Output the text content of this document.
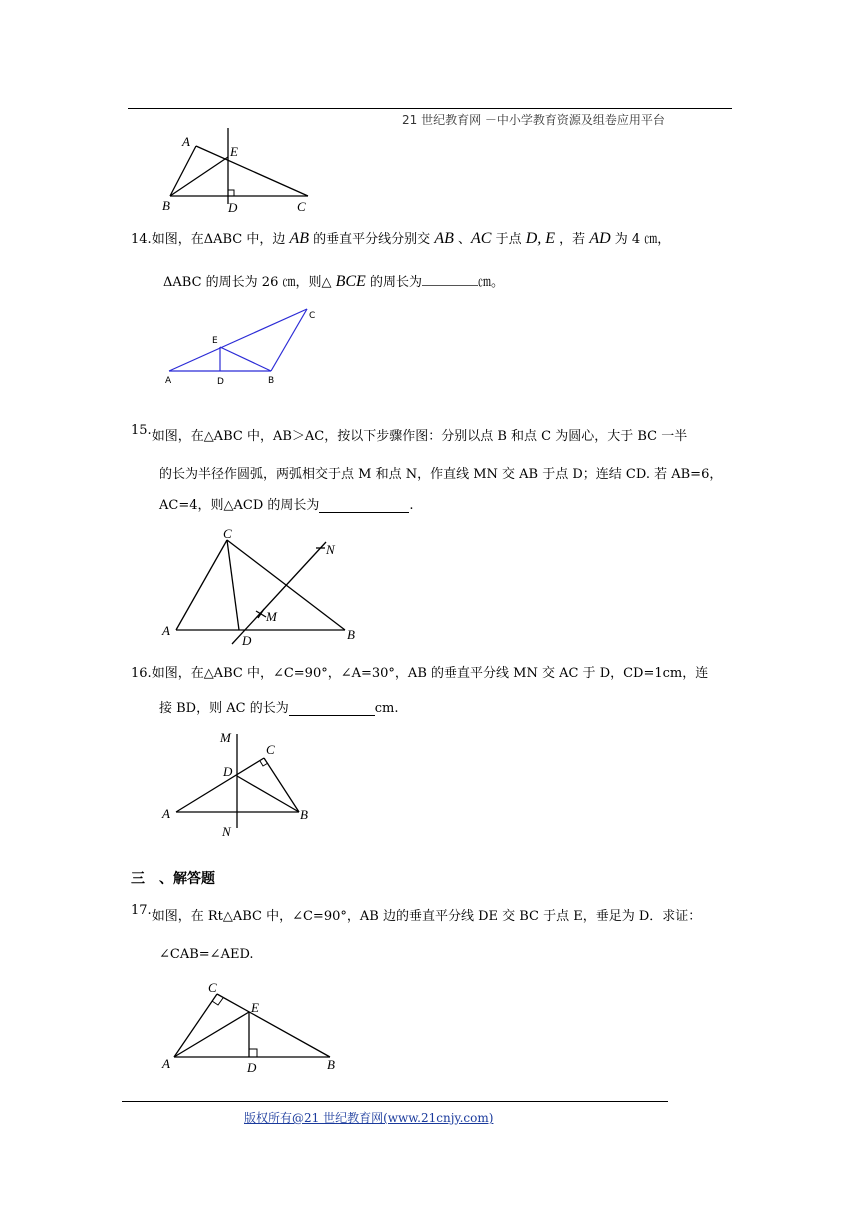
21 世纪教育网 －中小学教育资源及组卷应用平台
A
E
B	D	C
14.如图，在ΔABC 中，边 AB 的垂直平分线分别交 AB 、AC 于点 D, E ，若 AD 为 4 ㎝，
ΔABC 的周长为 26 ㎝，则△ BCE 的周长为	㎝。
C
E
A	D	B
15.如图，在△ABC 中，AB＞AC，按以下步骤作图：分别以点 B 和点 C 为圆心，大于 BC 一半
的长为半径作圆弧，两弧相交于点 M 和点 N，作直线 MN 交 AB 于点 D；连结 CD. 若 AB=6，
AC=4，则△ACD 的周长为	.
C
N
M
A
D	B
16.如图，在△ABC 中，∠C=90°，∠A=30°，AB 的垂直平分线 MN 交 AC 于 D，CD=1cm，连
接 BD，则 AC 的长为	cm.
M
C
D
A	B
N
三　、解答题
17.如图，在 Rt△ABC 中，∠C=90°，AB 边的垂直平分线 DE 交 BC 于点 E，垂足为 D．求证：
∠CAB=∠AED.
C
E
A	D	B
版权所有@21 世纪教育网(www.21cnjy.com)
